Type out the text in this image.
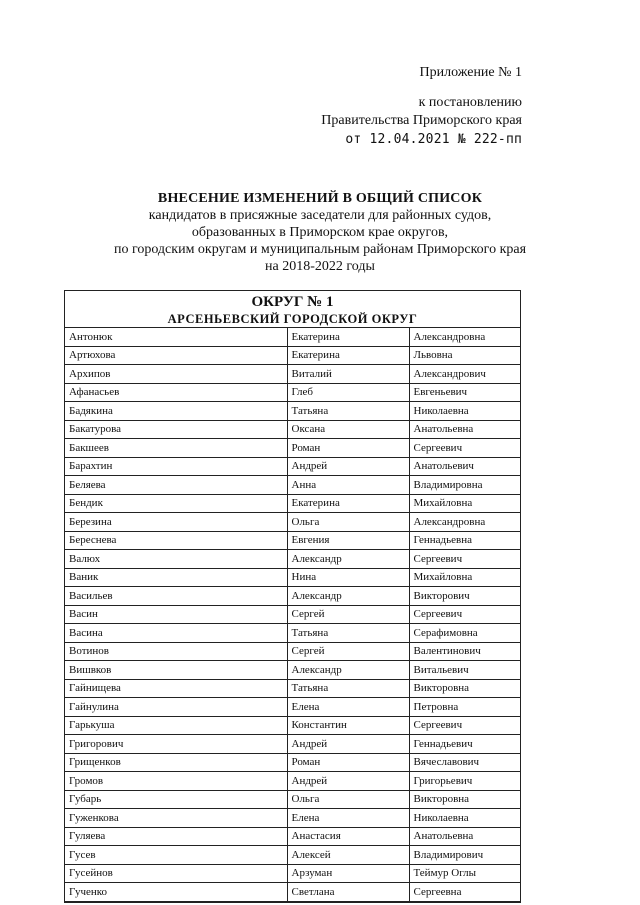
Приложение № 1
к постановлению
Правительства Приморского края
от 12.04.2021 № 222-пп
ВНЕСЕНИЕ ИЗМЕНЕНИЙ В ОБЩИЙ СПИСОК
кандидатов в присяжные заседатели для районных судов,
образованных в Приморском крае округов,
по городским округам и муниципальным районам Приморского края
на 2018-2022 годы
ОКРУГ № 1
АРСЕНЬЕВСКИЙ ГОРОДСКОЙ ОКРУГ
Антонюк	Екатерина	Александровна
Артюхова	Екатерина	Львовна
Архипов	Виталий	Александрович
Афанасьев	Глеб	Евгеньевич
Бадякина	Татьяна	Николаевна
Бакатурова	Оксана	Анатольевна
Бакшеев	Роман	Сергеевич
Барахтин	Андрей	Анатольевич
Беляева	Анна	Владимировна
Бендик	Екатерина	Михайловна
Березина	Ольга	Александровна
Береснева	Евгения	Геннадьевна
Валюх	Александр	Сергеевич
Ваник	Нина	Михайловна
Васильев	Александр	Викторович
Васин	Сергей	Сергеевич
Васина	Татьяна	Серафимовна
Вотинов	Сергей	Валентинович
Вишвков	Александр	Витальевич
Гайнищева	Татьяна	Викторовна
Гайнулина	Елена	Петровна
Гарькуша	Константин	Сергеевич
Григорович	Андрей	Геннадьевич
Грищенков	Роман	Вячеславович
Громов	Андрей	Григорьевич
Губарь	Ольга	Викторовна
Гуженкова	Елена	Николаевна
Гуляева	Анастасия	Анатольевна
Гусев	Алексей	Владимирович
Гусейнов	Арзуман	Теймур Оглы
Гученко	Светлана	Сергеевна
